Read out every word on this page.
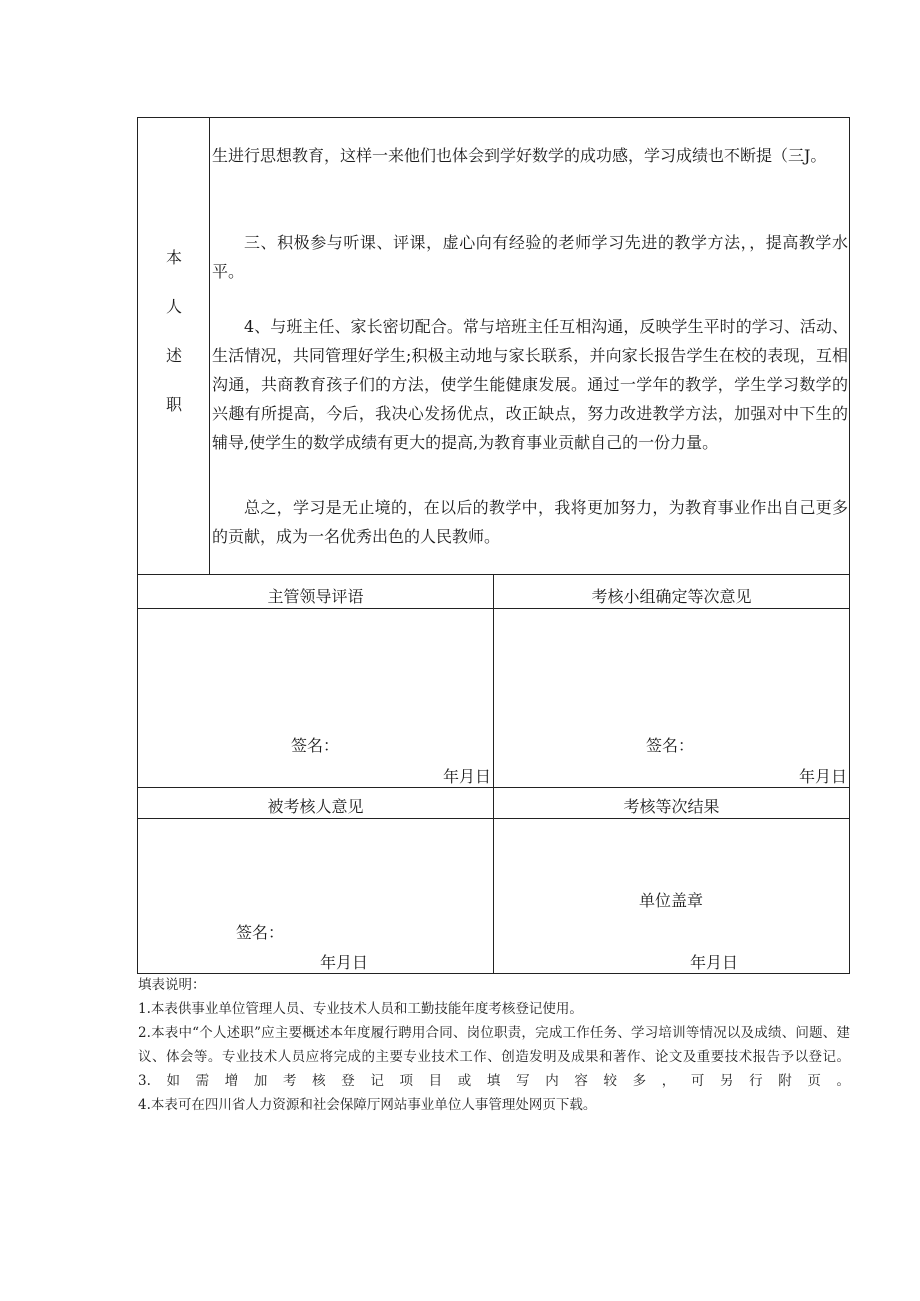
本
人
述
职
生进行思想教育，这样一来他们也体会到学好数学的成功感，学习成绩也不断提（三J。
三、积极参与听课、评课，虚心向有经验的老师学习先进的教学方法，，提高教学水平。
4、与班主任、家长密切配合。常与培班主任互相沟通，反映学生平时的学习、活动、生活情况，共同管理好学生;积极主动地与家长联系，并向家长报告学生在校的表现，互相沟通，共商教育孩子们的方法，使学生能健康发展。通过一学年的教学，学生学习数学的兴趣有所提高，今后，我决心发扬优点，改正缺点，努力改进教学方法，加强对中下生的辅导,使学生的数学成绩有更大的提高,为教育事业贡献自己的一份力量。
总之，学习是无止境的，在以后的教学中，我将更加努力，为教育事业作出自己更多的贡献，成为一名优秀出色的人民教师。
主管领导评语	考核小组确定等次意见
签名：
年月日
签名：
年月日
被考核人意见	考核等次结果
签名：
年月日
单位盖章
年月日
填表说明：
1.本表供事业单位管理人员、专业技术人员和工勤技能年度考核登记使用。
2.本表中“个人述职”应主要概述本年度履行聘用合同、岗位职责，完成工作任务、学习培训等情况以及成绩、问题、建议、体会等。专业技术人员应将完成的主要专业技术工作、创造发明及成果和著作、论文及重要技术报告予以登记。
3.如需增加考核登记项目或填写内容较多，可另行附页。
4.本表可在四川省人力资源和社会保障厅网站事业单位人事管理处网页下载。
